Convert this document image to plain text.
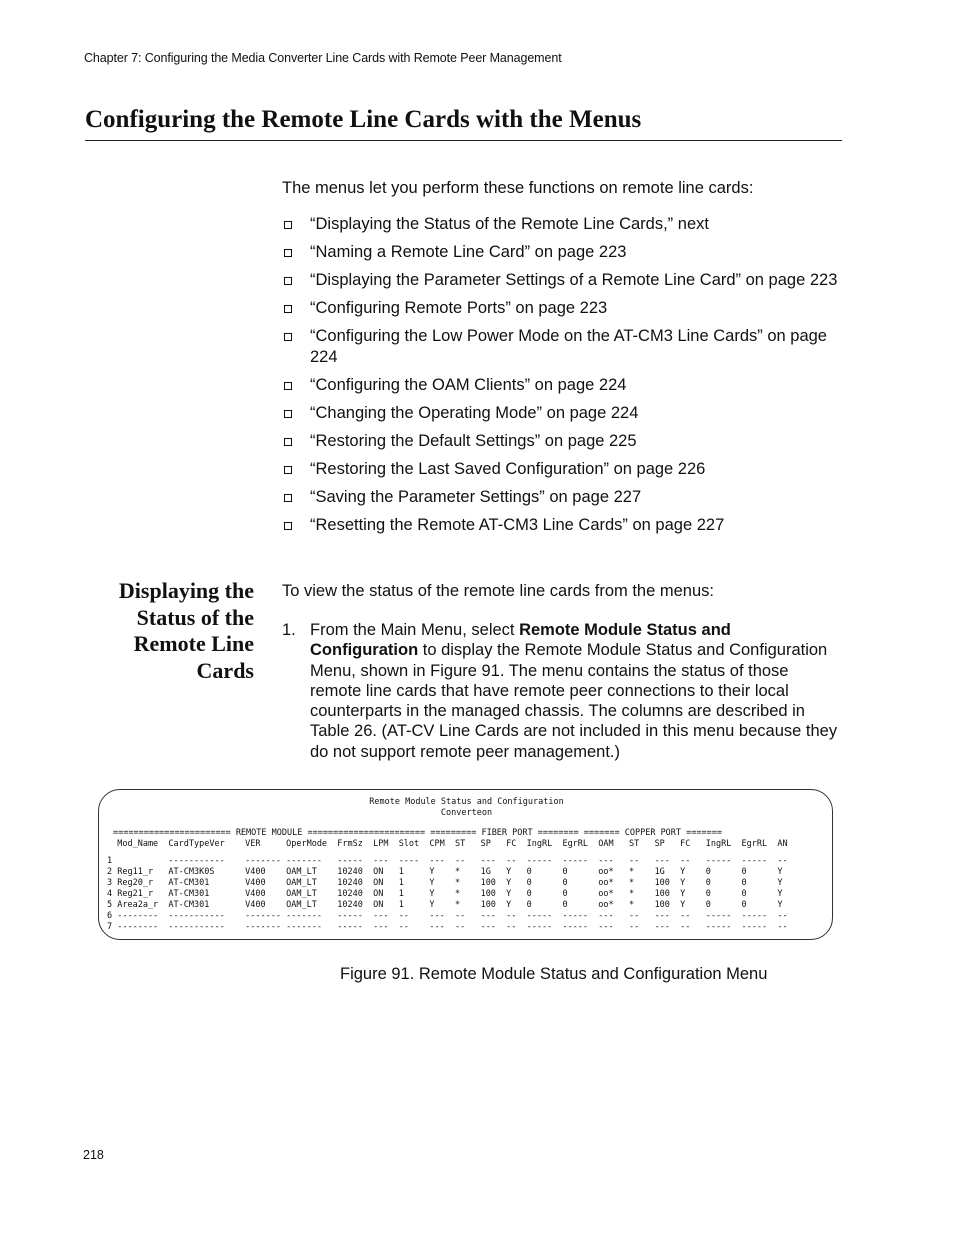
Chapter 7: Configuring the Media Converter Line Cards with Remote Peer Management
Configuring the Remote Line Cards with the Menus
The menus let you perform these functions on remote line cards:
“Displaying the Status of the Remote Line Cards,” next
“Naming a Remote Line Card” on page 223
“Displaying the Parameter Settings of a Remote Line Card” on page 223
“Configuring Remote Ports” on page 223
“Configuring the Low Power Mode on the AT-CM3 Line Cards” on page 224
“Configuring the OAM Clients” on page 224
“Changing the Operating Mode” on page 224
“Restoring the Default Settings” on page 225
“Restoring the Last Saved Configuration” on page 226
“Saving the Parameter Settings” on page 227
“Resetting the Remote AT-CM3 Line Cards” on page 227
Displaying the Status of the Remote Line Cards
To view the status of the remote line cards from the menus:
1. From the Main Menu, select Remote Module Status and Configuration to display the Remote Module Status and Configuration Menu, shown in Figure 91. The menu contains the status of those remote line cards that have remote peer connections to their local counterparts in the managed chassis. The columns are described in Table 26. (AT-CV Line Cards are not included in this menu because they do not support remote peer management.)
Remote Module Status and Configuration
Converteon
======================= REMOTE MODULE ======================= ========= FIBER PORT ======== ======= COPPER PORT =======
Mod_Name  CardTypeVer    VER     OperMode  FrmSz  LPM  Slot  CPM  ST   SP   FC  IngRL  EgrRL  OAM   ST   SP   FC   IngRL  EgrRL  AN
1           -----------    ------- -------   -----  ---  ----  ---  --   ---  --  -----  -----  ---   --   ---  --   -----  -----  --
2 Reg11_r   AT-CM3K0S      V400    OAM_LT    10240  ON   1     Y    *    1G   Y   0      0      oo*   *    1G   Y    0      0      Y
3 Reg20_r   AT-CM301       V400    OAM_LT    10240  ON   1     Y    *    100  Y   0      0      oo*   *    100  Y    0      0      Y
4 Reg21_r   AT-CM301       V400    OAM_LT    10240  ON   1     Y    *    100  Y   0      0      oo*   *    100  Y    0      0      Y
5 Area2a_r  AT-CM301       V400    OAM_LT    10240  ON   1     Y    *    100  Y   0      0      oo*   *    100  Y    0      0      Y
6 --------  -----------    ------- -------   -----  ---  --    ---  --   ---  --  -----  -----  ---   --   ---  --   -----  -----  --
7 --------  -----------    ------- -------   -----  ---  --    ---  --   ---  --  -----  -----  ---   --   ---  --   -----  -----  --
Figure 91. Remote Module Status and Configuration Menu
218
